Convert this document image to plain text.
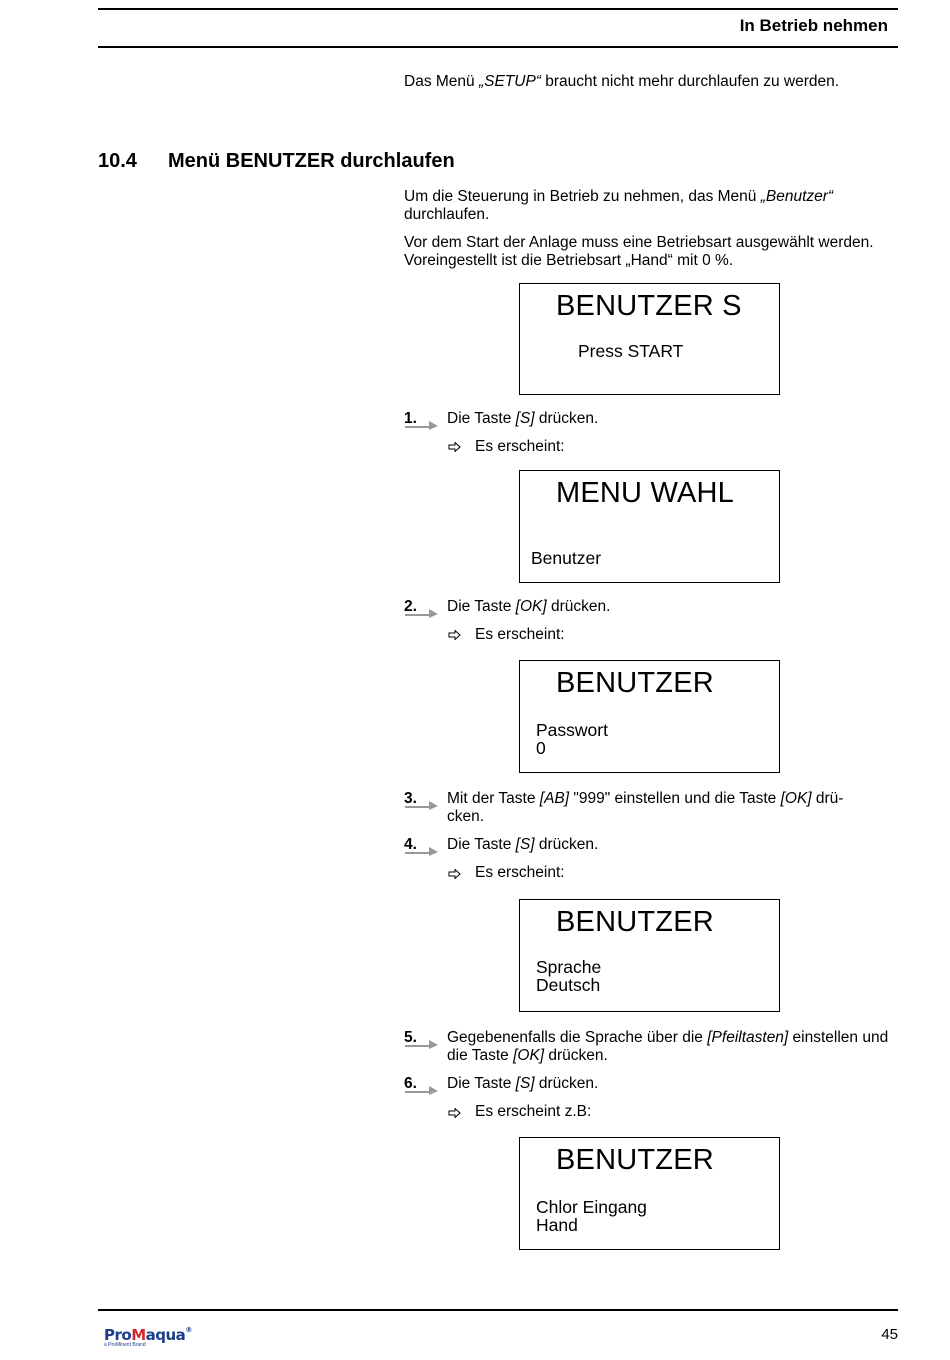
In Betrieb nehmen
Das Menü „SETUP“ braucht nicht mehr durchlaufen zu werden.
10.4 Menü BENUTZER durchlaufen
Um die Steuerung in Betrieb zu nehmen, das Menü „Benutzer“ durchlaufen.
Vor dem Start der Anlage muss eine Betriebsart ausgewählt werden. Voreingestellt ist die Betriebsart „Hand“ mit 0 %.
BENUTZER S
Press START
1. Die Taste [S] drücken.
Es erscheint:
MENU WAHL
Benutzer
2. Die Taste [OK] drücken.
Es erscheint:
BENUTZER
Passwort
0
3. Mit der Taste [AB] "999" einstellen und die Taste [OK] drü- cken.
4. Die Taste [S] drücken.
Es erscheint:
BENUTZER
Sprache
Deutsch
5. Gegebenenfalls die Sprache über die [Pfeiltasten] einstellen und die Taste [OK] drücken.
6. Die Taste [S] drücken.
Es erscheint z.B:
BENUTZER
Chlor Eingang
Hand
ProMaqua®
a ProMinent Brand
45
